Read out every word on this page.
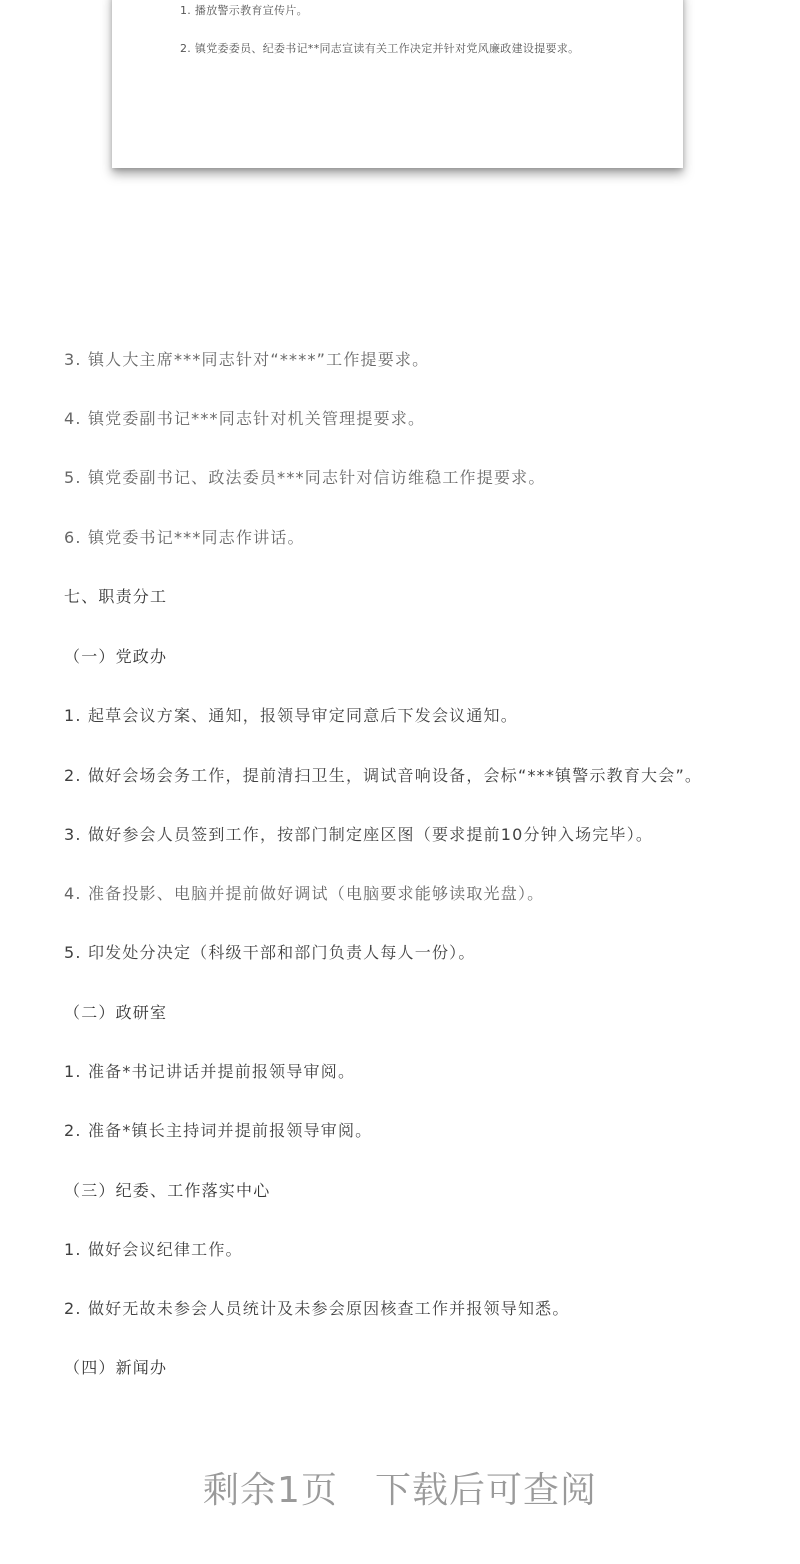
1. 播放警示教育宣传片。
2. 镇党委委员、纪委书记**同志宣读有关工作决定并针对党风廉政建设提要求。
3. 镇人大主席***同志针对“****”工作提要求。
4. 镇党委副书记***同志针对机关管理提要求。
5. 镇党委副书记、政法委员***同志针对信访维稳工作提要求。
6. 镇党委书记***同志作讲话。
七、职责分工
（一）党政办
1. 起草会议方案、通知，报领导审定同意后下发会议通知。
2. 做好会场会务工作，提前清扫卫生，调试音响设备，会标“***镇警示教育大会”。
3. 做好参会人员签到工作，按部门制定座区图（要求提前10分钟入场完毕）。
4. 准备投影、电脑并提前做好调试（电脑要求能够读取光盘）。
5. 印发处分决定（科级干部和部门负责人每人一份）。
（二）政研室
1. 准备*书记讲话并提前报领导审阅。
2. 准备*镇长主持词并提前报领导审阅。
（三）纪委、工作落实中心
1. 做好会议纪律工作。
2. 做好无故未参会人员统计及未参会原因核查工作并报领导知悉。
（四）新闻办
剩余1页　下载后可查阅
